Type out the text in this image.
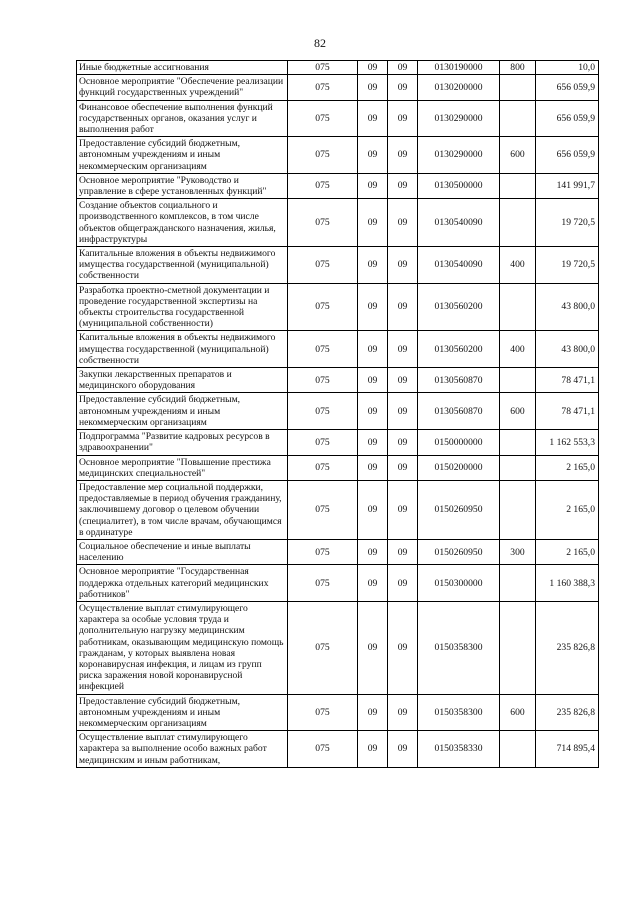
82
Иные бюджетные ассигнования	075	09	09	0130190000	800	10,0
Основное мероприятие "Обеспечение реализации функций государственных учреждений"	075	09	09	0130200000		656 059,9
Финансовое обеспечение выполнения функций государственных органов, оказания услуг и выполнения работ	075	09	09	0130290000		656 059,9
Предоставление субсидий бюджетным, автономным учреждениям и иным некоммерческим организациям	075	09	09	0130290000	600	656 059,9
Основное мероприятие "Руководство и управление в сфере установленных функций"	075	09	09	0130500000		141 991,7
Создание объектов социального и производственного комплексов, в том числе объектов общегражданского назначения, жилья, инфраструктуры	075	09	09	0130540090		19 720,5
Капитальные вложения в объекты недвижимого имущества государственной (муниципальной) собственности	075	09	09	0130540090	400	19 720,5
Разработка проектно-сметной документации и проведение государственной экспертизы на объекты строительства государственной (муниципальной собственности)	075	09	09	0130560200		43 800,0
Капитальные вложения в объекты недвижимого имущества государственной (муниципальной) собственности	075	09	09	0130560200	400	43 800,0
Закупки лекарственных препаратов и медицинского оборудования	075	09	09	0130560870		78 471,1
Предоставление субсидий бюджетным, автономным учреждениям и иным некоммерческим организациям	075	09	09	0130560870	600	78 471,1
Подпрограмма "Развитие кадровых ресурсов в здравоохранении"	075	09	09	0150000000		1 162 553,3
Основное мероприятие "Повышение престижа медицинских специальностей"	075	09	09	0150200000		2 165,0
Предоставление мер социальной поддержки, предоставляемые в период обучения гражданину, заключившему договор о целевом обучении (специалитет), в том числе врачам, обучающимся в ординатуре	075	09	09	0150260950		2 165,0
Социальное обеспечение и иные выплаты населению	075	09	09	0150260950	300	2 165,0
Основное мероприятие "Государственная поддержка отдельных категорий медицинских работников"	075	09	09	0150300000		1 160 388,3
Осуществление выплат стимулирующего характера за особые условия труда и дополнительную нагрузку медицинским работникам, оказывающим медицинскую помощь гражданам, у которых выявлена новая коронавирусная инфекция, и лицам из групп риска заражения новой коронавирусной инфекцией	075	09	09	0150358300		235 826,8
Предоставление субсидий бюджетным, автономным учреждениям и иным некоммерческим организациям	075	09	09	0150358300	600	235 826,8
Осуществление выплат стимулирующего характера за выполнение особо важных работ медицинским и иным работникам,	075	09	09	0150358330		714 895,4
